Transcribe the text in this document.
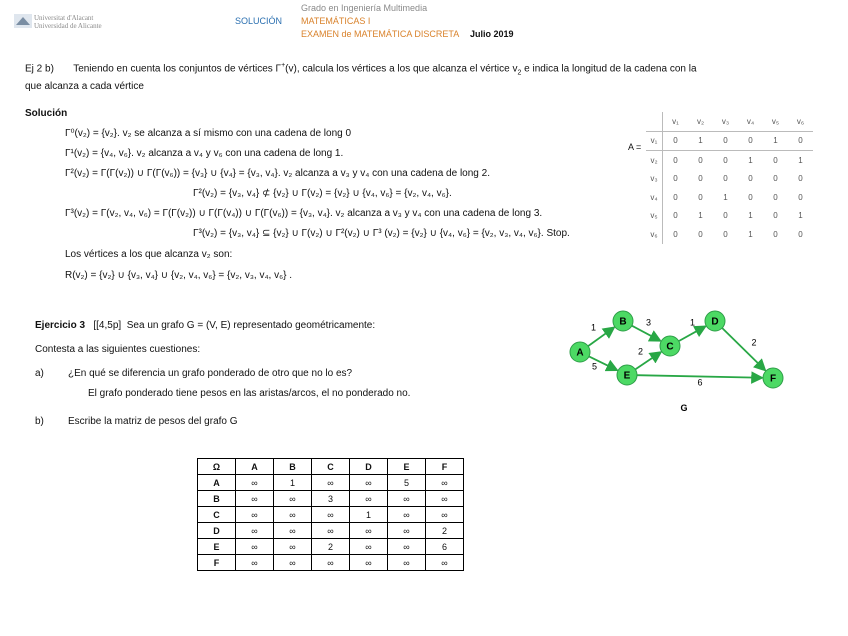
Universitat d'Alacant
Universidad de Alicante	SOLUCIÓN
Grado en Ingeniería Multimedia
MATEMÁTICAS I
EXAMEN de MATEMÁTICA DISCRETA Julio 2019
Ej 2 b) Teniendo en cuenta los conjuntos de vértices Γ+(v), calcula los vértices a los que alcanza el vértice $v_2$ e indica la longitud de la cadena con la
que alcanza a cada vértice
Solución
Γ⁰(v₂) = {v₂}. v₂ se alcanza a sí mismo con una cadena de long 0
Γ¹(v₂) = {v₄, v₆}. v₂ alcanza a v₄ y v₆ con una cadena de long 1.
Γ²(v₂) = Γ(Γ(v₂)) ∪ Γ(Γ(v₆)) = {v₃} ∪ {v₄} = {v₃, v₄}. v₂ alcanza a v₃ y v₄ con una cadena de long 2.
Γ²(v₂) = {v₃, v₄} ⊄ {v₂} ∪ Γ(v₂) = {v₂} ∪ {v₄, v₆} = {v₂, v₄, v₆}.
Γ³(v₂) = Γ(v₂, v₄, v₆) = Γ(Γ(v₂)) ∪ Γ(Γ(v₄)) ∪ Γ(Γ(v₆)) = {v₃, v₄}. v₂ alcanza a v₃ y v₄ con una cadena de long 3.
Γ³(v₂) = {v₃, v₄} ⊆ {v₂} ∪ Γ(v₂) ∪ Γ²(v₂) ∪ Γ³ (v₂) = {v₂} ∪ {v₄, v₆} = {v₂, v₃, v₄, v₆}. Stop.
Los vértices a los que alcanza v₂ son:
R(v₂) = {v₂} ∪ {v₃, v₄} ∪ {v₂, v₄, v₆} = {v₂, v₃, v₄, v₆} .
A =
	v₁	v₂	v₃	v₄	v₅	v₆
v₁	0	1	0	0	1	0
v₂	0	0	0	1	0	1
v₃	0	0	0	0	0	0
v₄	0	0	1	0	0	0
v₅	0	1	0	1	0	1
v₆	0	0	0	1	0	0
Ejercicio 3 [[4,5p] Sea un grafo G = (V, E) representado geométricamente:
Contesta a las siguientes cuestiones:
a) ¿En qué se diferencia un grafo ponderado de otro que no lo es?
El grafo ponderado tiene pesos en las aristas/arcos, el no ponderado no.
b) Escribe la matriz de pesos del grafo G
1
5
3	1
2
2
6
A
B
C
D
E	F
G
Ω	A	B	C	D	E	F
A	∞	1	∞	∞	5	∞
B	∞	∞	3	∞	∞	∞
C	∞	∞	∞	1	∞	∞
D	∞	∞	∞	∞	∞	2
E	∞	∞	2	∞	∞	6
F	∞	∞	∞	∞	∞	∞
